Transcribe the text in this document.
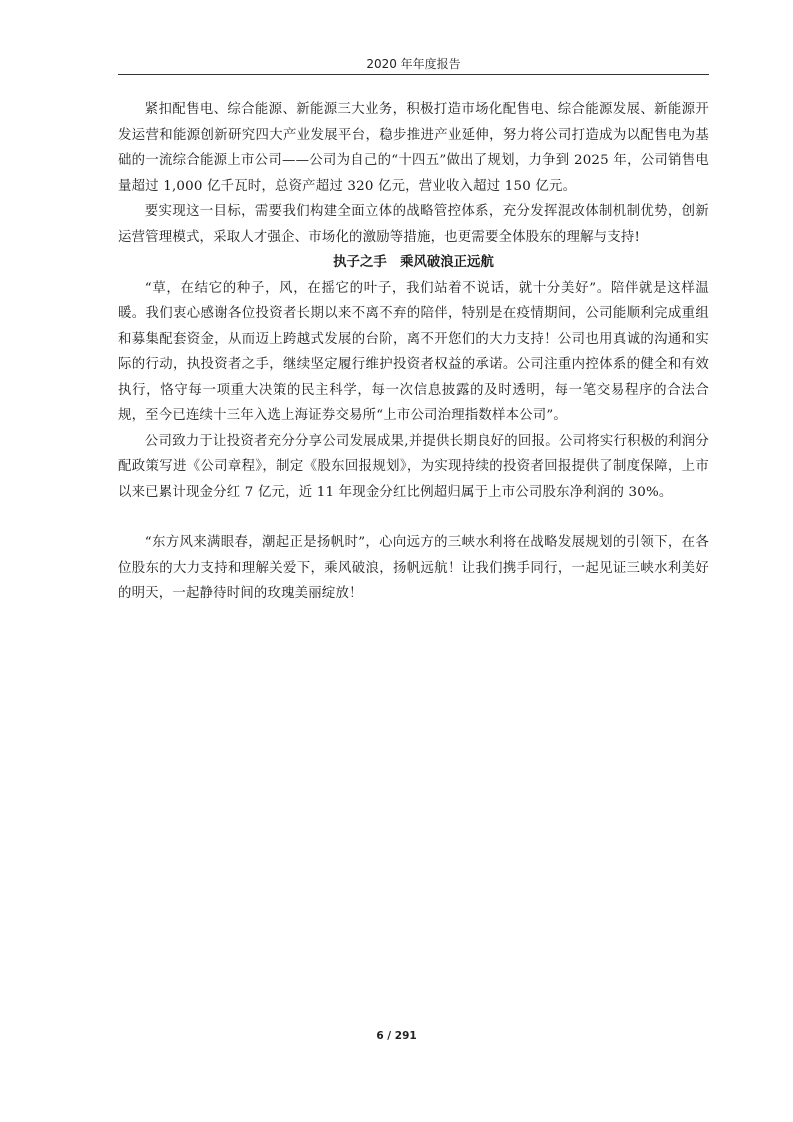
2020 年年度报告

紧扣配售电、综合能源、新能源三大业务，积极打造市场化配售电、综合能源发展、新能源开发运营和能源创新研究四大产业发展平台，稳步推进产业延伸，努力将公司打造成为以配售电为基础的一流综合能源上市公司——公司为自己的“十四五”做出了规划，力争到 2025 年，公司销售电量超过 1,000 亿千瓦时，总资产超过 320 亿元，营业收入超过 150 亿元。

要实现这一目标，需要我们构建全面立体的战略管控体系，充分发挥混改体制机制优势，创新运营管理模式，采取人才强企、市场化的激励等措施，也更需要全体股东的理解与支持!

执子之手　乘风破浪正远航

“草，在结它的种子，风，在摇它的叶子，我们站着不说话，就十分美好”。陪伴就是这样温暖。我们衷心感谢各位投资者长期以来不离不弃的陪伴，特别是在疫情期间，公司能顺利完成重组和募集配套资金，从而迈上跨越式发展的台阶，离不开您们的大力支持！公司也用真诚的沟通和实际的行动，执投资者之手，继续坚定履行维护投资者权益的承诺。公司注重内控体系的健全和有效执行，恪守每一项重大决策的民主科学，每一次信息披露的及时透明，每一笔交易程序的合法合规，至今已连续十三年入选上海证券交易所“上市公司治理指数样本公司”。

公司致力于让投资者充分分享公司发展成果,并提供长期良好的回报。公司将实行积极的利润分配政策写进《公司章程》，制定《股东回报规划》，为实现持续的投资者回报提供了制度保障，上市以来已累计现金分红 7 亿元，近 11 年现金分红比例超归属于上市公司股东净利润的 30%。

“东方风来满眼春，潮起正是扬帆时”，心向远方的三峡水利将在战略发展规划的引领下，在各位股东的大力支持和理解关爱下，乘风破浪，扬帆远航！让我们携手同行，一起见证三峡水利美好的明天，一起静待时间的玫瑰美丽绽放！

6 / 291
